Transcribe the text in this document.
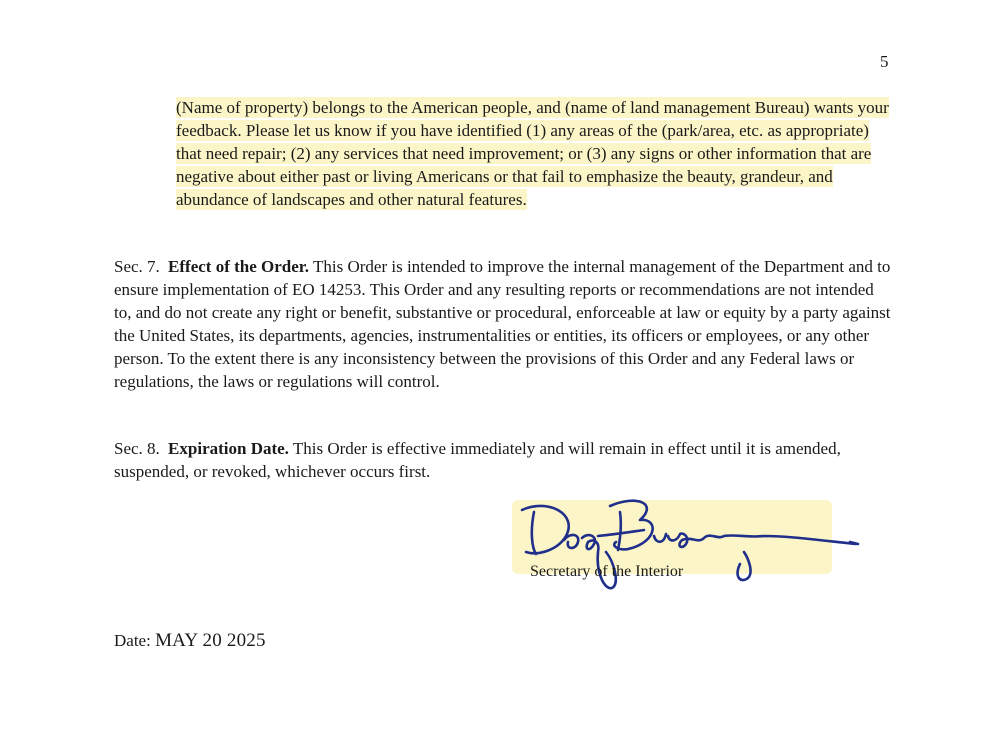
5
(Name of property) belongs to the American people, and (name of land management Bureau) wants your feedback. Please let us know if you have identified (1) any areas of the (park/area, etc. as appropriate) that need repair; (2) any services that need improvement; or (3) any signs or other information that are negative about either past or living Americans or that fail to emphasize the beauty, grandeur, and abundance of landscapes and other natural features.
Sec. 7. Effect of the Order. This Order is intended to improve the internal management of the Department and to ensure implementation of EO 14253. This Order and any resulting reports or recommendations are not intended to, and do not create any right or benefit, substantive or procedural, enforceable at law or equity by a party against the United States, its departments, agencies, instrumentalities or entities, its officers or employees, or any other person. To the extent there is any inconsistency between the provisions of this Order and any Federal laws or regulations, the laws or regulations will control.
Sec. 8. Expiration Date. This Order is effective immediately and will remain in effect until it is amended, suspended, or revoked, whichever occurs first.
Secretary of the Interior
Date: MAY 20 2025
